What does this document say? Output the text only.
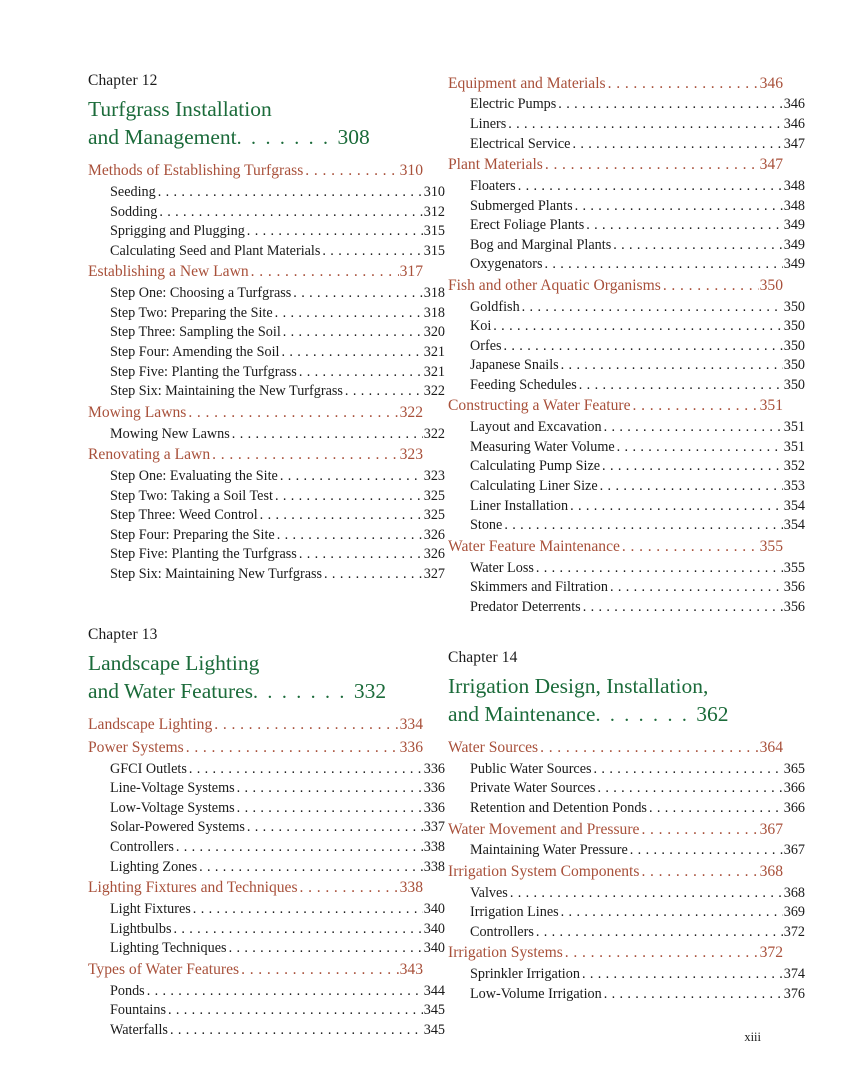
Chapter 12
Turfgrass Installation
and Management. . . . . . . 308
Methods of Establishing Turfgrass . . .	310
Seeding . . .	310
Sodding . . .	312
Sprigging and Plugging . . .	315
Calculating Seed and Plant Materials . . .	315
Establishing a New Lawn . . .	317
Step One: Choosing a Turfgrass . . .	318
Step Two: Preparing the Site . . .	318
Step Three: Sampling the Soil . . .	320
Step Four: Amending the Soil . . .	321
Step Five: Planting the Turfgrass . . .	321
Step Six: Maintaining the New Turfgrass . . .	322
Mowing Lawns . . .	322
Mowing New Lawns . . .	322
Renovating a Lawn . . .	323
Step One: Evaluating the Site . . .	323
Step Two: Taking a Soil Test . . .	325
Step Three: Weed Control . . .	325
Step Four: Preparing the Site . . .	326
Step Five: Planting the Turfgrass . . .	326
Step Six: Maintaining New Turfgrass . . .	327
Chapter 13
Landscape Lighting
and Water Features. . . . . . . 332
Landscape Lighting . . .	334
Power Systems . . .	336
GFCI Outlets . . .	336
Line-Voltage Systems . . .	336
Low-Voltage Systems . . .	336
Solar-Powered Systems . . .	337
Controllers . . .	338
Lighting Zones . . .	338
Lighting Fixtures and Techniques . . .	338
Light Fixtures . . .	340
Lightbulbs . . .	340
Lighting Techniques . . .	340
Types of Water Features . . .	343
Ponds . . .	344
Fountains . . .	345
Waterfalls . . .	345
Equipment and Materials . . .	346
Electric Pumps . . .	346
Liners . . .	346
Electrical Service . . .	347
Plant Materials . . .	347
Floaters . . .	348
Submerged Plants . . .	348
Erect Foliage Plants . . .	349
Bog and Marginal Plants . . .	349
Oxygenators . . .	349
Fish and other Aquatic Organisms . . .	350
Goldfish . . .	350
Koi . . .	350
Orfes . . .	350
Japanese Snails . . .	350
Feeding Schedules . . .	350
Constructing a Water Feature . . .	351
Layout and Excavation . . .	351
Measuring Water Volume . . .	351
Calculating Pump Size . . .	352
Calculating Liner Size . . .	353
Liner Installation . . .	354
Stone . . .	354
Water Feature Maintenance . . .	355
Water Loss . . .	355
Skimmers and Filtration . . .	356
Predator Deterrents . . .	356
Chapter 14
Irrigation Design, Installation,
and Maintenance. . . . . . . 362
Water Sources . . .	364
Public Water Sources . . .	365
Private Water Sources . . .	366
Retention and Detention Ponds . . .	366
Water Movement and Pressure . . .	367
Maintaining Water Pressure . . .	367
Irrigation System Components . . .	368
Valves . . .	368
Irrigation Lines . . .	369
Controllers . . .	372
Irrigation Systems . . .	372
Sprinkler Irrigation . . .	374
Low-Volume Irrigation . . .	376
xiii
